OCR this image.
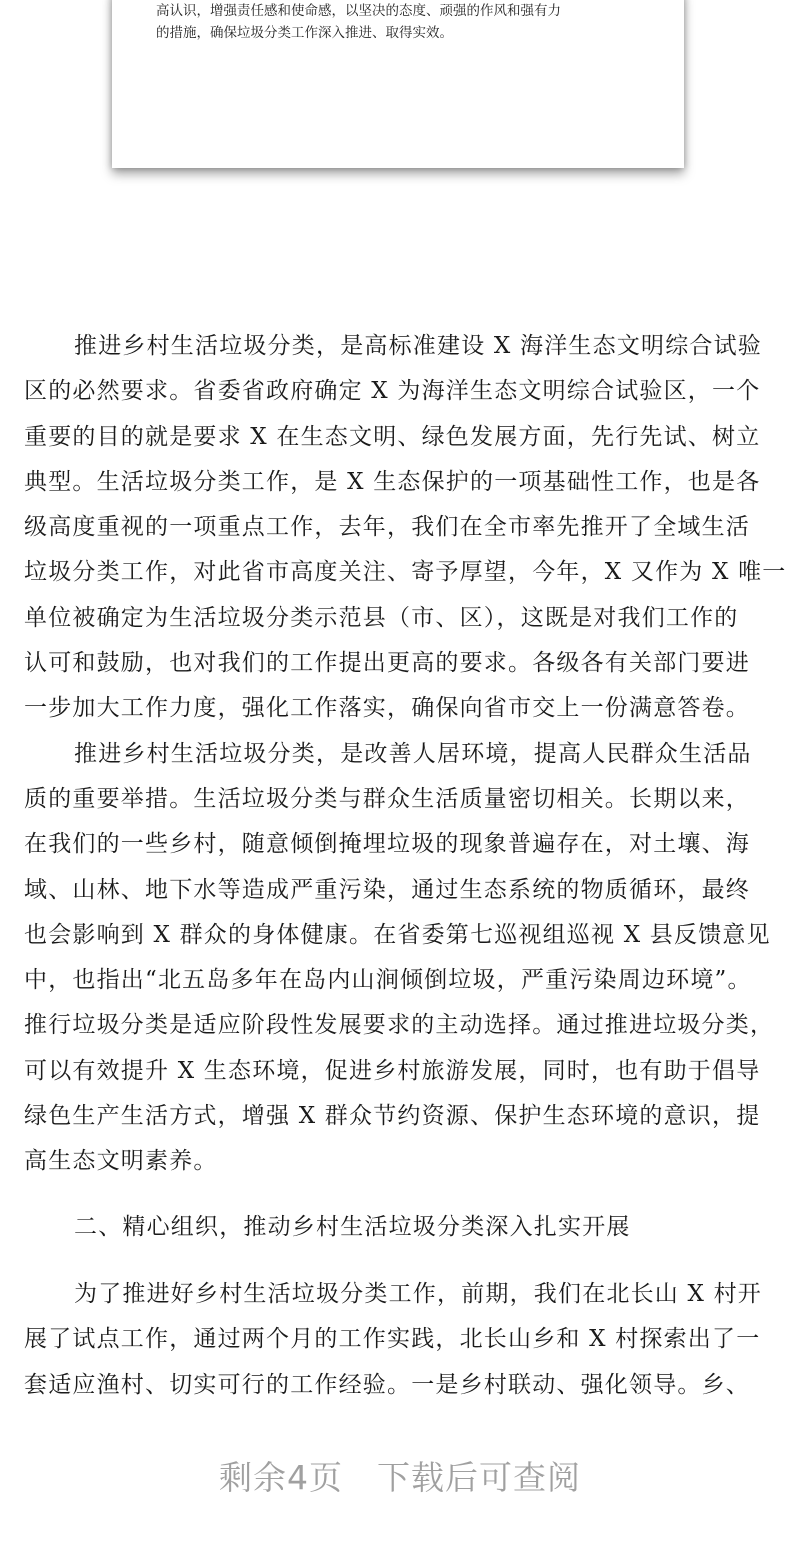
高认识，增强责任感和使命感，以坚决的态度、顽强的作风和强有力

的措施，确保垃圾分类工作深入推进、取得实效。

推进乡村生活垃圾分类，是高标准建设 X 海洋生态文明综合试验
区的必然要求。省委省政府确定 X 为海洋生态文明综合试验区，一个
重要的目的就是要求 X 在生态文明、绿色发展方面，先行先试、树立
典型。生活垃圾分类工作，是 X 生态保护的一项基础性工作，也是各
级高度重视的一项重点工作，去年，我们在全市率先推开了全域生活
垃圾分类工作，对此省市高度关注、寄予厚望，今年，X 又作为 X 唯一
单位被确定为生活垃圾分类示范县（市、区），这既是对我们工作的
认可和鼓励，也对我们的工作提出更高的要求。各级各有关部门要进
一步加大工作力度，强化工作落实，确保向省市交上一份满意答卷。

推进乡村生活垃圾分类，是改善人居环境，提高人民群众生活品
质的重要举措。生活垃圾分类与群众生活质量密切相关。长期以来，
在我们的一些乡村，随意倾倒掩埋垃圾的现象普遍存在，对土壤、海
域、山林、地下水等造成严重污染，通过生态系统的物质循环，最终
也会影响到 X 群众的身体健康。在省委第七巡视组巡视 X 县反馈意见
中，也指出“北五岛多年在岛内山涧倾倒垃圾，严重污染周边环境”。
推行垃圾分类是适应阶段性发展要求的主动选择。通过推进垃圾分类，
可以有效提升 X 生态环境，促进乡村旅游发展，同时，也有助于倡导
绿色生产生活方式，增强 X 群众节约资源、保护生态环境的意识，提
高生态文明素养。

二、精心组织，推动乡村生活垃圾分类深入扎实开展

为了推进好乡村生活垃圾分类工作，前期，我们在北长山 X 村开
展了试点工作，通过两个月的工作实践，北长山乡和 X 村探索出了一
套适应渔村、切实可行的工作经验。一是乡村联动、强化领导。乡、

剩余4页 下载后可查阅
